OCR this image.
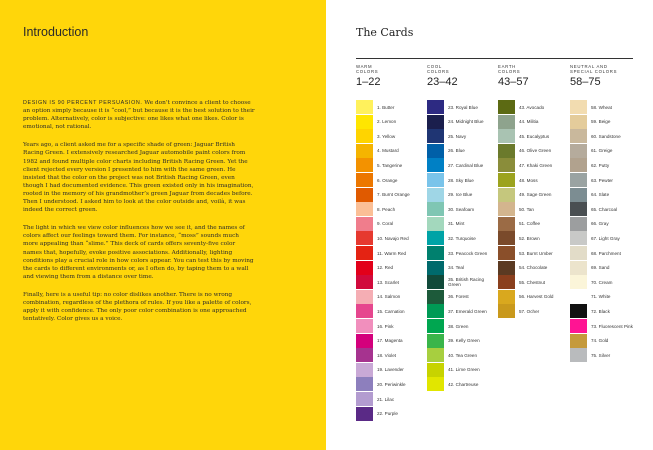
Introduction

DESIGN IS 90 PERCENT PERSUASION. We don’t convince a client to choose an option simply because it is “cool,” but because it is the best solution to their problem. Alternatively, color is subjective: one likes what one likes. Color is emotional, not rational.

Years ago, a client asked me for a specific shade of green: Jaguar British Racing Green. I extensively researched Jaguar automobile paint colors from 1982 and found multiple color charts including British Racing Green. Yet the client rejected every version I presented to him with the same green. He insisted that the color on the project was not British Racing Green, even though I had documented evidence. This green existed only in his imagination, rooted in the memory of his grandmother’s green Jaguar from decades before. Then I understood. I asked him to look at the color outside and, voilà, it was indeed the correct green.

The light in which we view color influences how we see it, and the names of colors affect our feelings toward them. For instance, “moss” sounds much more appealing than “slime.” This deck of cards offers seventy-five color names that, hopefully, evoke positive associations. Additionally, lighting conditions play a crucial role in how colors appear. You can test this by moving the cards to different environments or, as I often do, by taping them to a wall and viewing them from a distance over time.

Finally, here is a useful tip: no color dislikes another. There is no wrong combination, regardless of the plethora of rules. If you like a palette of colors, apply it with confidence. The only poor color combination is one approached tentatively. Color gives us a voice.

The Cards
WARM
COLORS
1–22
1. Butter
2. Lemon
3. Yellow
4. Mustard
5. Tangerine
6. Orange
7. Burnt Orange
8. Peach
9. Coral
10. Navajo Red
11. Warm Red
12. Red
13. Scarlet
14. Salmon
15. Carnation
16. Pink
17. Magenta
18. Violet
19. Lavender
20. Periwinkle
21. Lilac
22. Purple
COOL
COLORS
23–42
23. Royal Blue
24. Midnight Blue
25. Navy
26. Blue
27. Cardinal Blue
28. Sky Blue
29. Ice Blue
30. Seafoam
31. Mint
32. Turquoise
33. Peacock Green
34. Teal
35. British Racing Green
36. Forest
37. Emerald Green
38. Green
39. Kelly Green
40. Tea Green
41. Lime Green
42. Chartreuse
EARTH
COLORS
43–57
43. Avocado
44. Militia
45. Eucalyptus
46. Olive Green
47. Khaki Green
48. Moss
49. Sage Green
50. Tan
51. Coffee
52. Brown
53. Burnt Umber
54. Chocolate
55. Chestnut
56. Harvest Gold
57. Ocher
NEUTRAL AND
SPECIAL COLORS
58–75
58. Wheat
59. Beige
60. Sandstone
61. Greige
62. Putty
63. Pewter
64. Slate
65. Charcoal
66. Gray
67. Light Gray
68. Parchment
69. Sand
70. Cream
71. White
72. Black
73. Fluorescent Pink
74. Gold
75. Silver
